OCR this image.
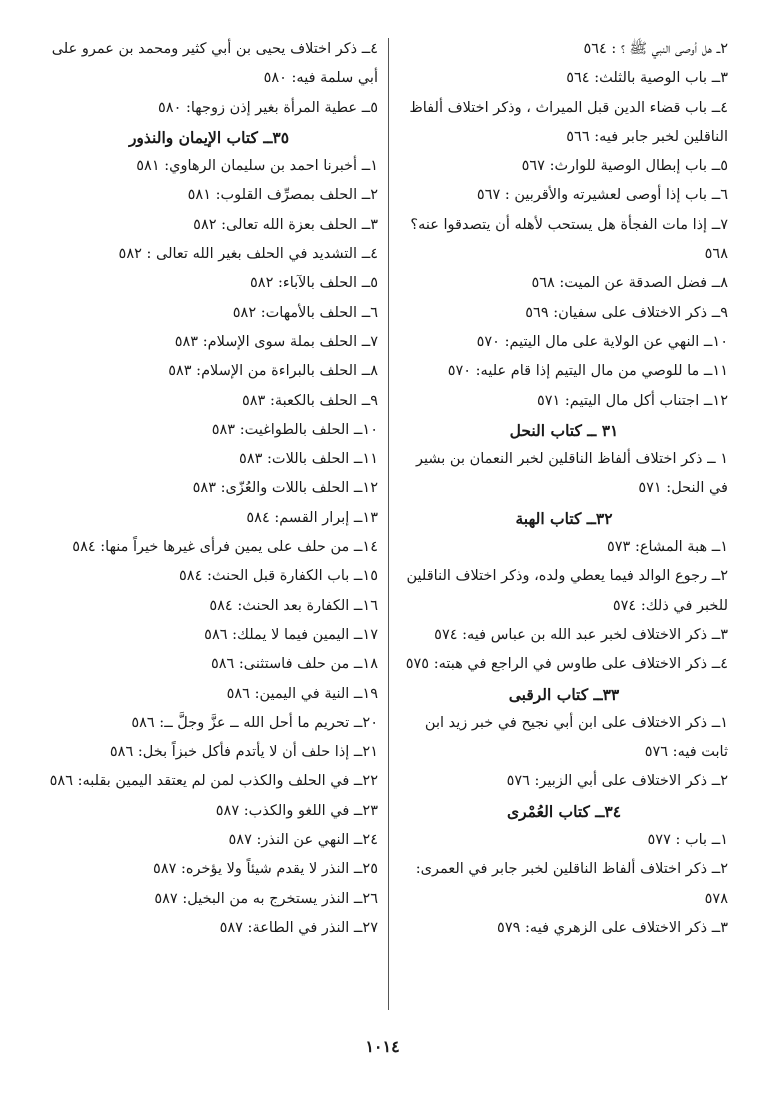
٢ــ هل أوصى النبي ﷺ ؟ : ٥٦٤
٣ــ باب الوصية بالثلث: ٥٦٤
٤ــ باب قضاء الدين قبل الميراث ، وذكر اختلاف ألفاظ الناقلين لخبر جابر فيه: ٥٦٦
٥ــ باب إبطال الوصية للوارث: ٥٦٧
٦ــ باب إذا أوصى لعشيرته والأقربين : ٥٦٧
٧ــ إذا مات الفجأة هل يستحب لأهله أن يتصدقوا عنه؟ ٥٦٨
٨ــ فضل الصدقة عن الميت: ٥٦٨
٩ــ ذكر الاختلاف على سفيان: ٥٦٩
١٠ــ النهي عن الولاية على مال اليتيم: ٥٧٠
١١ــ ما للوصي من مال اليتيم إذا قام عليه: ٥٧٠
١٢ــ اجتناب أكل مال اليتيم: ٥٧١
٣١ ــ كتاب النحل
١ ــ ذكر اختلاف ألفاظ الناقلين لخبر النعمان بن بشير في النحل: ٥٧١
٣٢ــ كتاب الهبة
١ــ هبة المشاع: ٥٧٣
٢ــ رجوع الوالد فيما يعطي ولده، وذكر اختلاف الناقلين للخبر في ذلك: ٥٧٤
٣ــ ذكر الاختلاف لخبر عبد الله بن عباس فيه: ٥٧٤
٤ــ ذكر الاختلاف على طاوس في الراجع في هبته: ٥٧٥
٣٣ــ كتاب الرقبى
١ــ ذكر الاختلاف على ابن أبي نجيح في خبر زيد ابن ثابت فيه: ٥٧٦
٢ــ ذكر الاختلاف على أبي الزبير: ٥٧٦
٣٤ــ كتاب العُمْرى
١ــ باب : ٥٧٧
٢ــ ذكر اختلاف ألفاظ الناقلين لخبر جابر في العمرى: ٥٧٨
٣ــ ذكر الاختلاف على الزهري فيه: ٥٧٩
٤ــ ذكر اختلاف يحيى بن أبي كثير ومحمد بن عمرو على أبي سلمة فيه: ٥٨٠
٥ــ عطية المرأة بغير إذن زوجها: ٥٨٠
٣٥ــ كتاب الإيمان والنذور
١ــ أخبرنا احمد بن سليمان الرهاوي: ٥٨١
٢ــ الحلف بمصرِّف القلوب: ٥٨١
٣ــ الحلف بعزة الله تعالى: ٥٨٢
٤ــ التشديد في الحلف بغير الله تعالى : ٥٨٢
٥ــ الحلف بالآباء: ٥٨٢
٦ــ الحلف بالأمهات: ٥٨٢
٧ــ الحلف بملة سوى الإسلام: ٥٨٣
٨ــ الحلف بالبراءة من الإسلام: ٥٨٣
٩ــ الحلف بالكعبة: ٥٨٣
١٠ــ الحلف بالطواغيت: ٥٨٣
١١ــ الحلف باللات: ٥٨٣
١٢ــ الحلف باللات والعُزّى: ٥٨٣
١٣ــ إبرار القسم: ٥٨٤
١٤ــ من حلف على يمين فرأى غيرها خيراً منها: ٥٨٤
١٥ــ باب الكفارة قبل الحنث: ٥٨٤
١٦ــ الكفارة بعد الحنث: ٥٨٤
١٧ــ اليمين فيما لا يملك: ٥٨٦
١٨ــ من حلف فاستثنى: ٥٨٦
١٩ــ النية في اليمين: ٥٨٦
٢٠ــ تحريم ما أحل الله ــ عزَّ وجلَّ ــ: ٥٨٦
٢١ــ إذا حلف أن لا يأتدم فأكل خبزاً بخل: ٥٨٦
٢٢ــ في الحلف والكذب لمن لم يعتقد اليمين بقلبه: ٥٨٦
٢٣ــ في اللغو والكذب: ٥٨٧
٢٤ــ النهي عن النذر: ٥٨٧
٢٥ــ النذر لا يقدم شيئاً ولا يؤخره: ٥٨٧
٢٦ــ النذر يستخرج به من البخيل: ٥٨٧
٢٧ــ النذر في الطاعة: ٥٨٧
١٠١٤
